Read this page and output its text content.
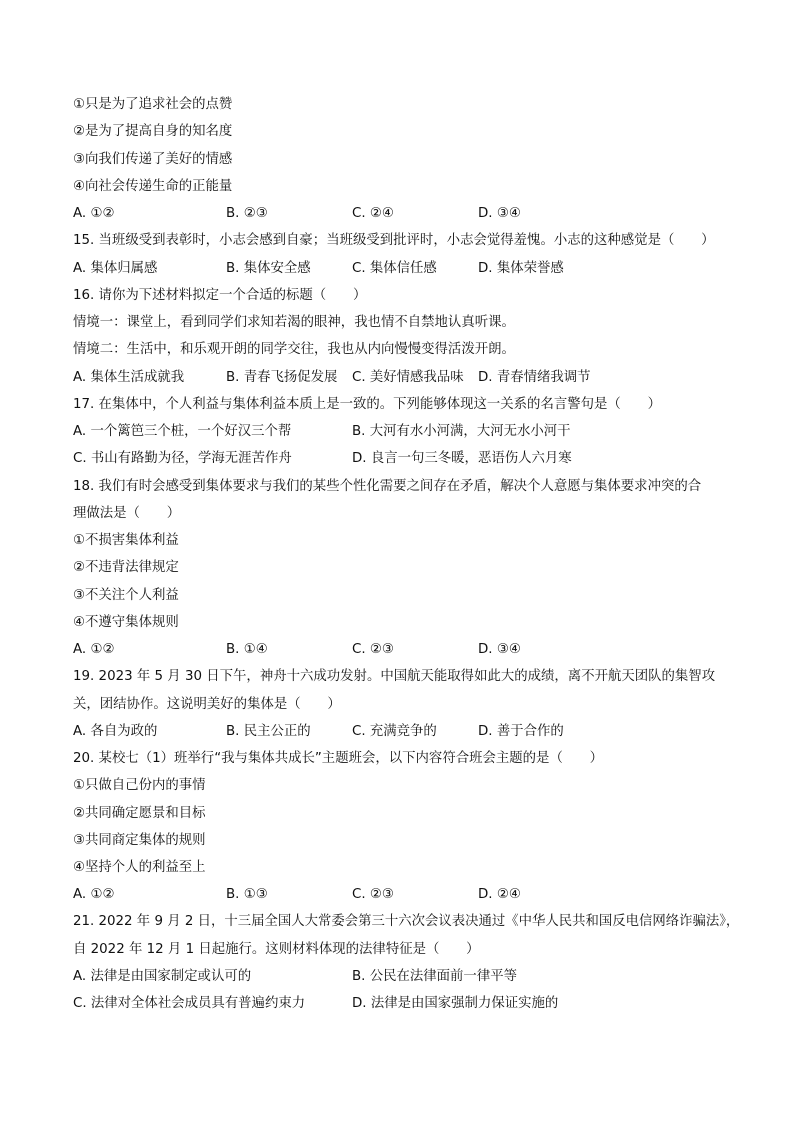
①只是为了追求社会的点赞
②是为了提高自身的知名度
③向我们传递了美好的情感
④向社会传递生命的正能量
A. ①②	B. ②③	C. ②④	D. ③④
15. 当班级受到表彰时，小志会感到自豪；当班级受到批评时，小志会觉得羞愧。小志的这种感觉是（　　）
A. 集体归属感	B. 集体安全感	C. 集体信任感	D. 集体荣誉感
16. 请你为下述材料拟定一个合适的标题（　　）
情境一：课堂上，看到同学们求知若渴的眼神，我也情不自禁地认真听课。
情境二：生活中，和乐观开朗的同学交往，我也从内向慢慢变得活泼开朗。
A. 集体生活成就我	B. 青春飞扬促发展 C. 美好情感我品味 D. 青春情绪我调节
17. 在集体中，个人利益与集体利益本质上是一致的。下列能够体现这一关系的名言警句是（　　）
A. 一个篱笆三个桩，一个好汉三个帮	B. 大河有水小河满，大河无水小河干
C. 书山有路勤为径，学海无涯苦作舟	D. 良言一句三冬暖，恶语伤人六月寒
18. 我们有时会感受到集体要求与我们的某些个性化需要之间存在矛盾，解决个人意愿与集体要求冲突的合
理做法是（　　）
①不损害集体利益
②不违背法律规定
③不关注个人利益
④不遵守集体规则
A. ①②	B. ①④	C. ②③	D. ③④
19. 2023 年 5 月 30 日下午，神舟十六成功发射。中国航天能取得如此大的成绩，离不开航天团队的集智攻
关，团结协作。这说明美好的集体是（　　）
A. 各自为政的	B. 民主公正的	C. 充满竞争的	D. 善于合作的
20. 某校七（1）班举行“我与集体共成长”主题班会，以下内容符合班会主题的是（　　）
①只做自己份内的事情
②共同确定愿景和目标
③共同商定集体的规则
④坚持个人的利益至上
A. ①②	B. ①③	C. ②③	D. ②④
21. 2022 年 9 月 2 日，十三届全国人大常委会第三十六次会议表决通过《中华人民共和国反电信网络诈骗法》，
自 2022 年 12 月 1 日起施行。这则材料体现的法律特征是（　　）
A. 法律是由国家制定或认可的	B. 公民在法律面前一律平等
C. 法律对全体社会成员具有普遍约束力	D. 法律是由国家强制力保证实施的
